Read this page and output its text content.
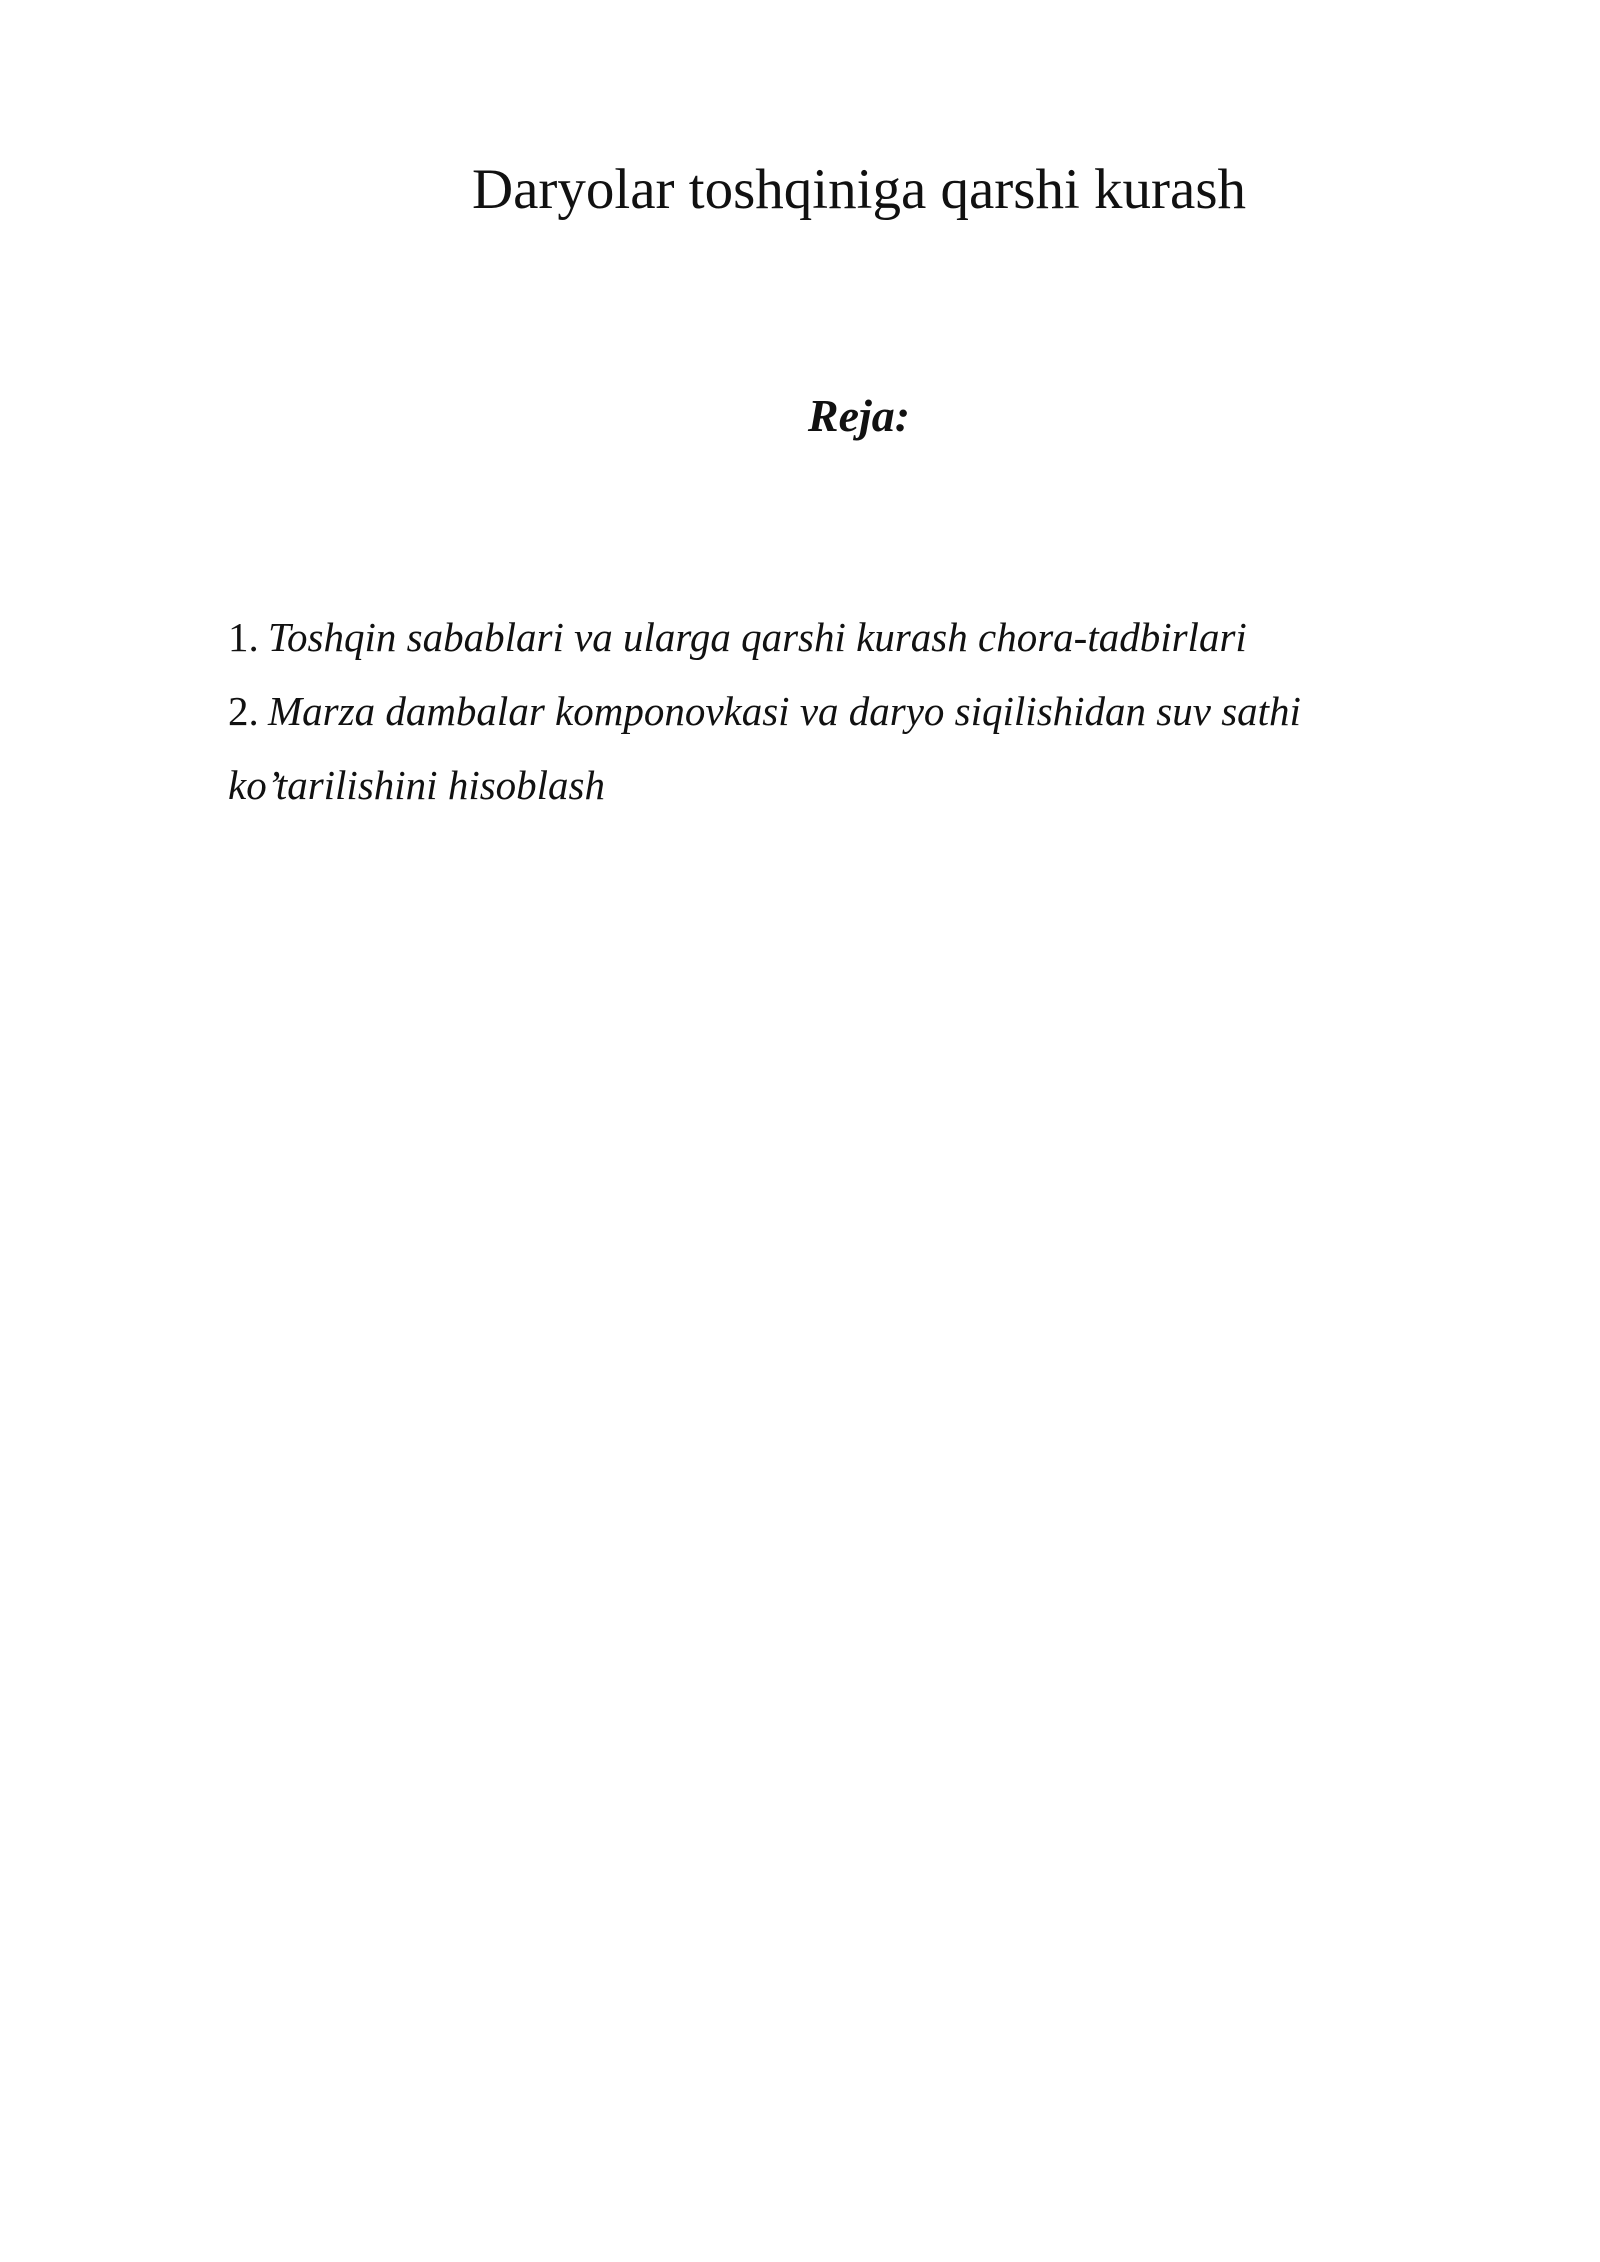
Daryolar toshqiniga qarshi kurash
Reja:
1. Toshqin sabablari va ularga qarshi kurash chora-tadbirlari
2. Marza dambalar komponovkasi va daryo siqilishidan suv sathi
ko’tarilishini hisoblash
